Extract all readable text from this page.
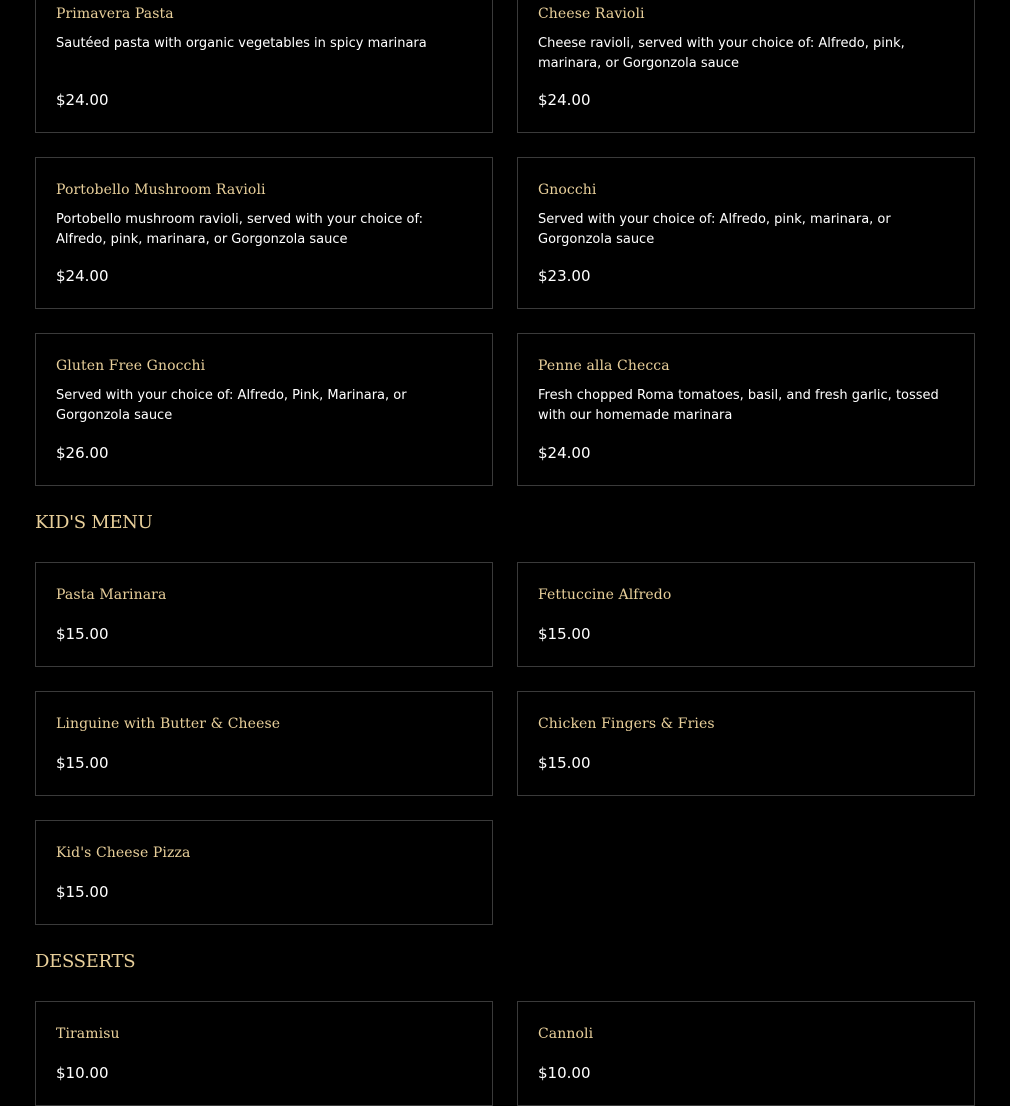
Primavera Pasta
Sautéed pasta with organic vegetables in spicy marinara
$24.00
Cheese Ravioli
Cheese ravioli, served with your choice of: Alfredo, pink, marinara, or Gorgonzola sauce
$24.00
Portobello Mushroom Ravioli
Portobello mushroom ravioli, served with your choice of: Alfredo, pink, marinara, or Gorgonzola sauce
$24.00
Gnocchi
Served with your choice of: Alfredo, pink, marinara, or Gorgonzola sauce
$23.00
Gluten Free Gnocchi
Served with your choice of: Alfredo, Pink, Marinara, or Gorgonzola sauce
$26.00
Penne alla Checca
Fresh chopped Roma tomatoes, basil, and fresh garlic, tossed with our homemade marinara
$24.00
KID'S MENU
Pasta Marinara
$15.00
Fettuccine Alfredo
$15.00
Linguine with Butter & Cheese
$15.00
Chicken Fingers & Fries
$15.00
Kid's Cheese Pizza
$15.00
DESSERTS
Tiramisu
$10.00
Cannoli
$10.00
